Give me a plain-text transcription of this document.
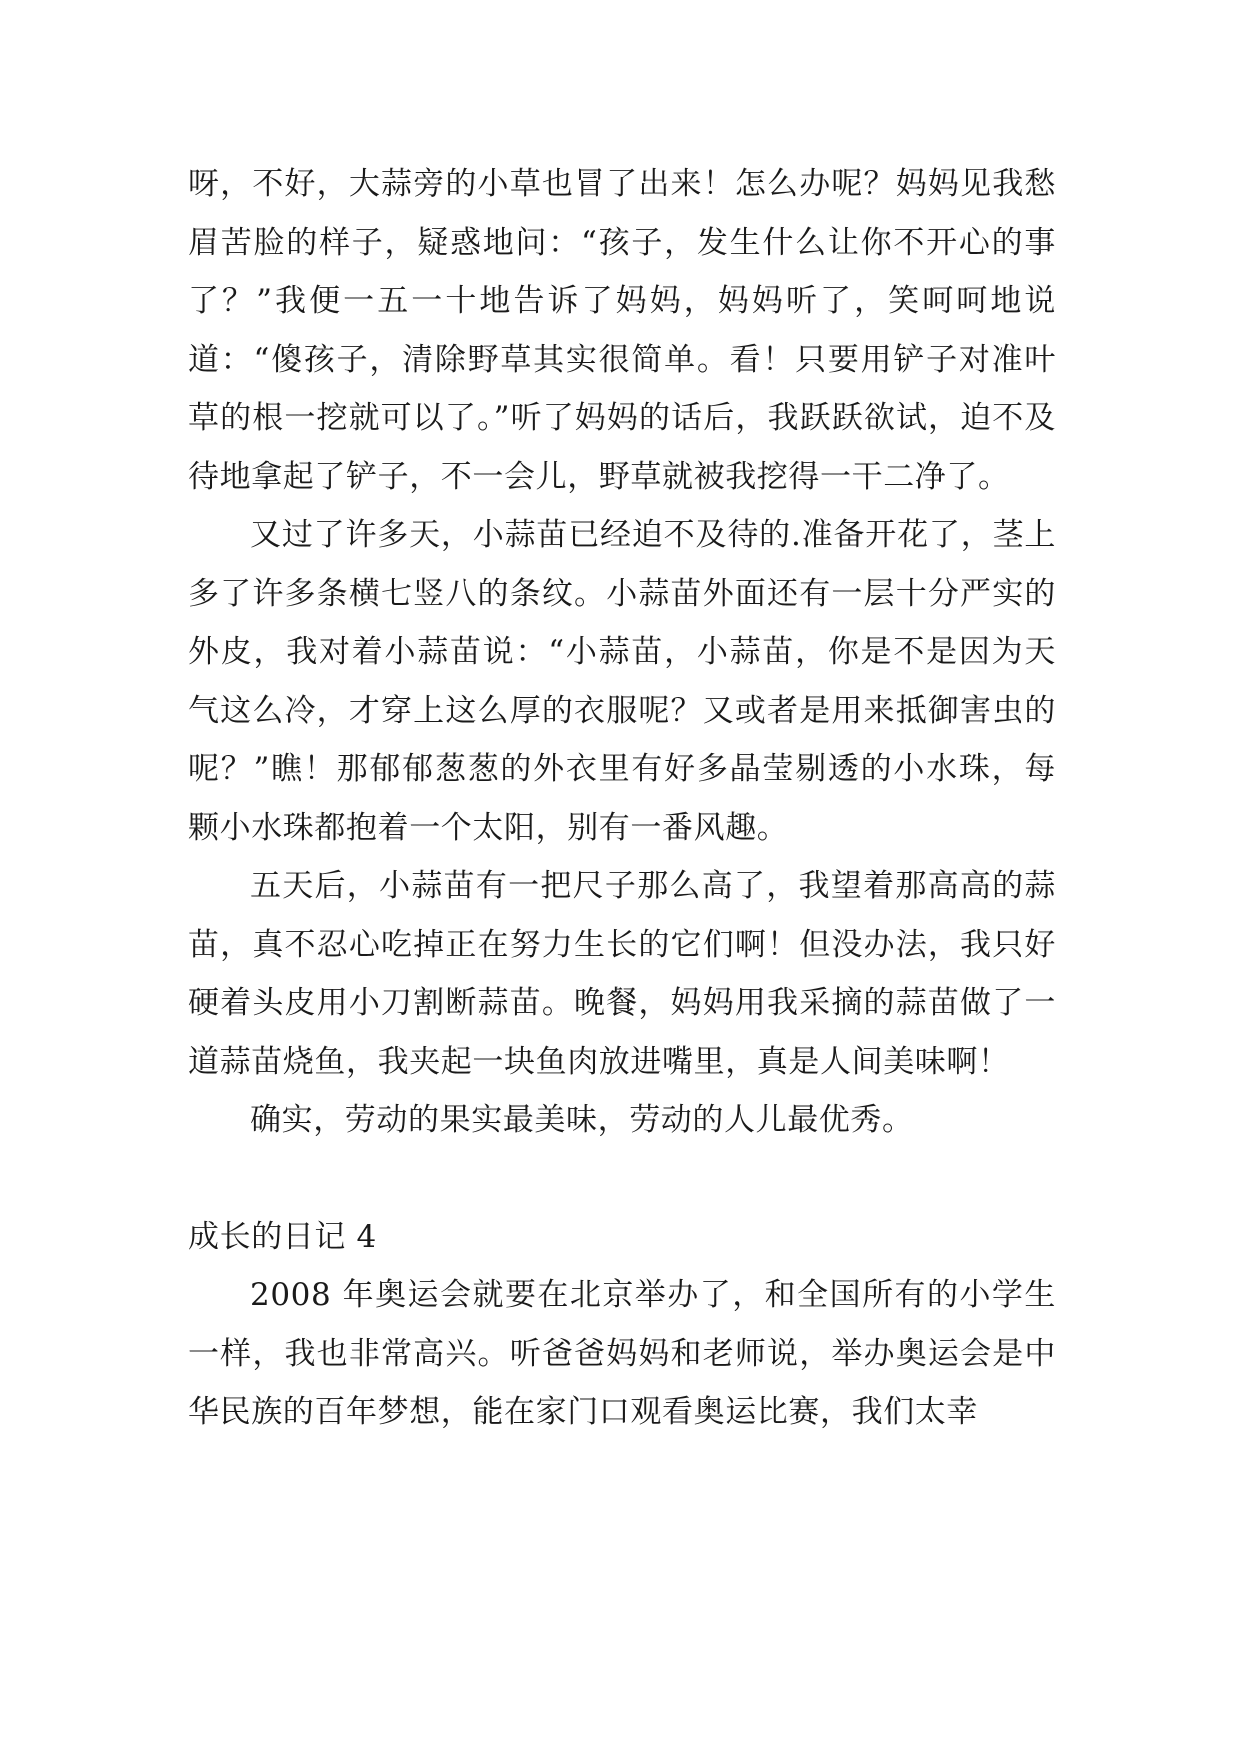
呀，不好，大蒜旁的小草也冒了出来！怎么办呢？妈妈见我愁眉苦脸的样子，疑惑地问：“孩子，发生什么让你不开心的事了？”我便一五一十地告诉了妈妈，妈妈听了，笑呵呵地说道：“傻孩子，清除野草其实很简单。看！只要用铲子对准叶草的根一挖就可以了。”听了妈妈的话后，我跃跃欲试，迫不及待地拿起了铲子，不一会儿，野草就被我挖得一干二净了。

又过了许多天，小蒜苗已经迫不及待的.准备开花了，茎上多了许多条横七竖八的条纹。小蒜苗外面还有一层十分严实的外皮，我对着小蒜苗说：“小蒜苗，小蒜苗，你是不是因为天气这么冷，才穿上这么厚的衣服呢？又或者是用来抵御害虫的呢？”瞧！那郁郁葱葱的外衣里有好多晶莹剔透的小水珠，每颗小水珠都抱着一个太阳，别有一番风趣。

五天后，小蒜苗有一把尺子那么高了，我望着那高高的蒜苗，真不忍心吃掉正在努力生长的它们啊！但没办法，我只好硬着头皮用小刀割断蒜苗。晚餐，妈妈用我采摘的蒜苗做了一道蒜苗烧鱼，我夹起一块鱼肉放进嘴里，真是人间美味啊！

确实，劳动的果实最美味，劳动的人儿最优秀。

成长的日记 4

2008 年奥运会就要在北京举办了，和全国所有的小学生一样，我也非常高兴。听爸爸妈妈和老师说，举办奥运会是中华民族的百年梦想，能在家门口观看奥运比赛，我们太幸
